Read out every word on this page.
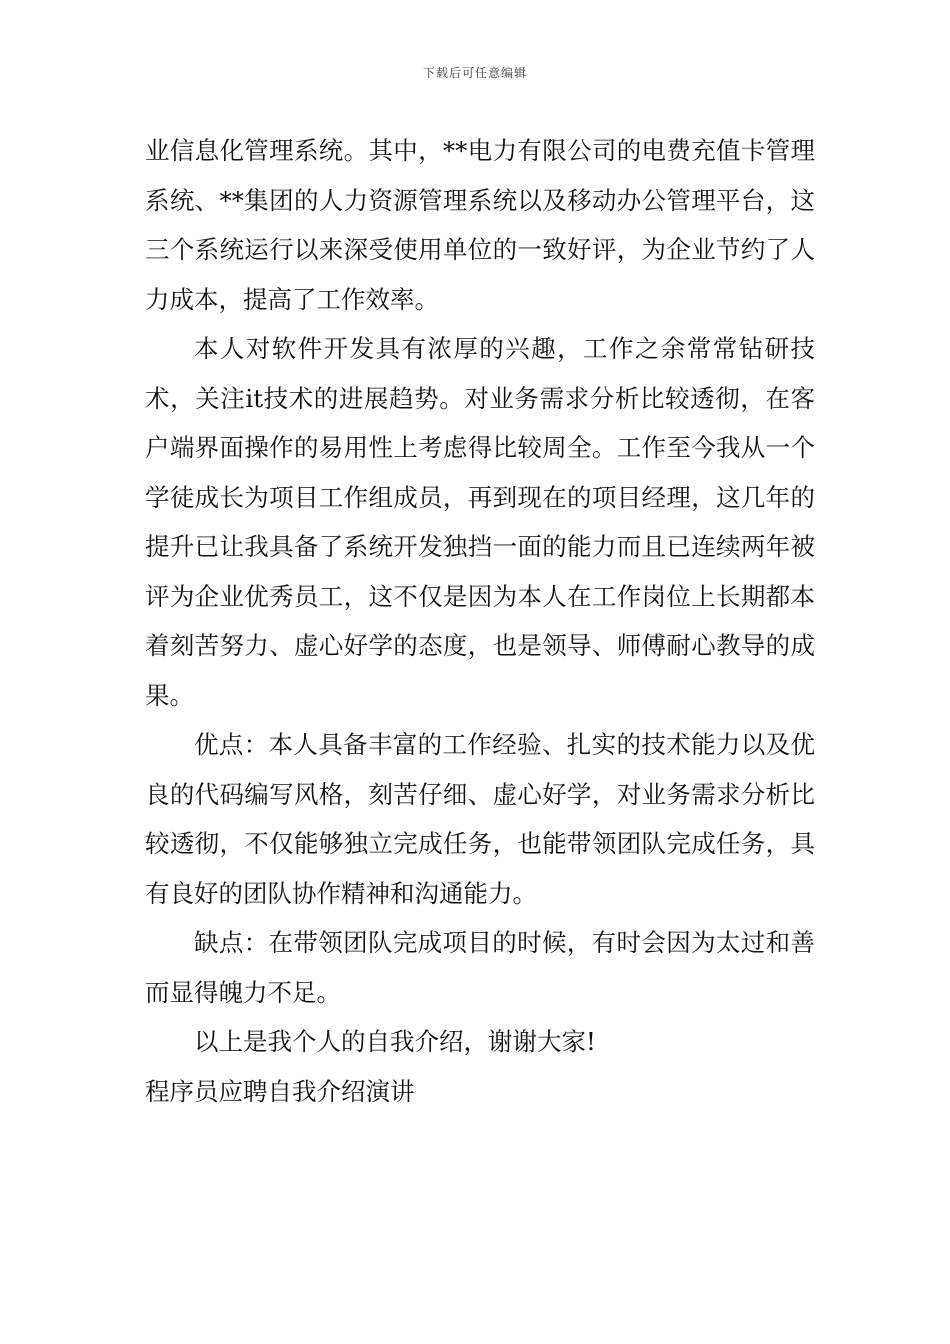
下载后可任意编辑

业信息化管理系统。其中，**电力有限公司的电费充值卡管理系统、**集团的人力资源管理系统以及移动办公管理平台，这三个系统运行以来深受使用单位的一致好评，为企业节约了人力成本，提高了工作效率。

本人对软件开发具有浓厚的兴趣，工作之余常常钻研技术，关注it技术的进展趋势。对业务需求分析比较透彻，在客户端界面操作的易用性上考虑得比较周全。工作至今我从一个学徒成长为项目工作组成员，再到现在的项目经理，这几年的提升已让我具备了系统开发独挡一面的能力而且已连续两年被评为企业优秀员工，这不仅是因为本人在工作岗位上长期都本着刻苦努力、虚心好学的态度，也是领导、师傅耐心教导的成果。

优点：本人具备丰富的工作经验、扎实的技术能力以及优良的代码编写风格，刻苦仔细、虚心好学，对业务需求分析比较透彻，不仅能够独立完成任务，也能带领团队完成任务，具有良好的团队协作精神和沟通能力。

缺点：在带领团队完成项目的时候，有时会因为太过和善而显得魄力不足。

以上是我个人的自我介绍，谢谢大家!

程序员应聘自我介绍演讲
